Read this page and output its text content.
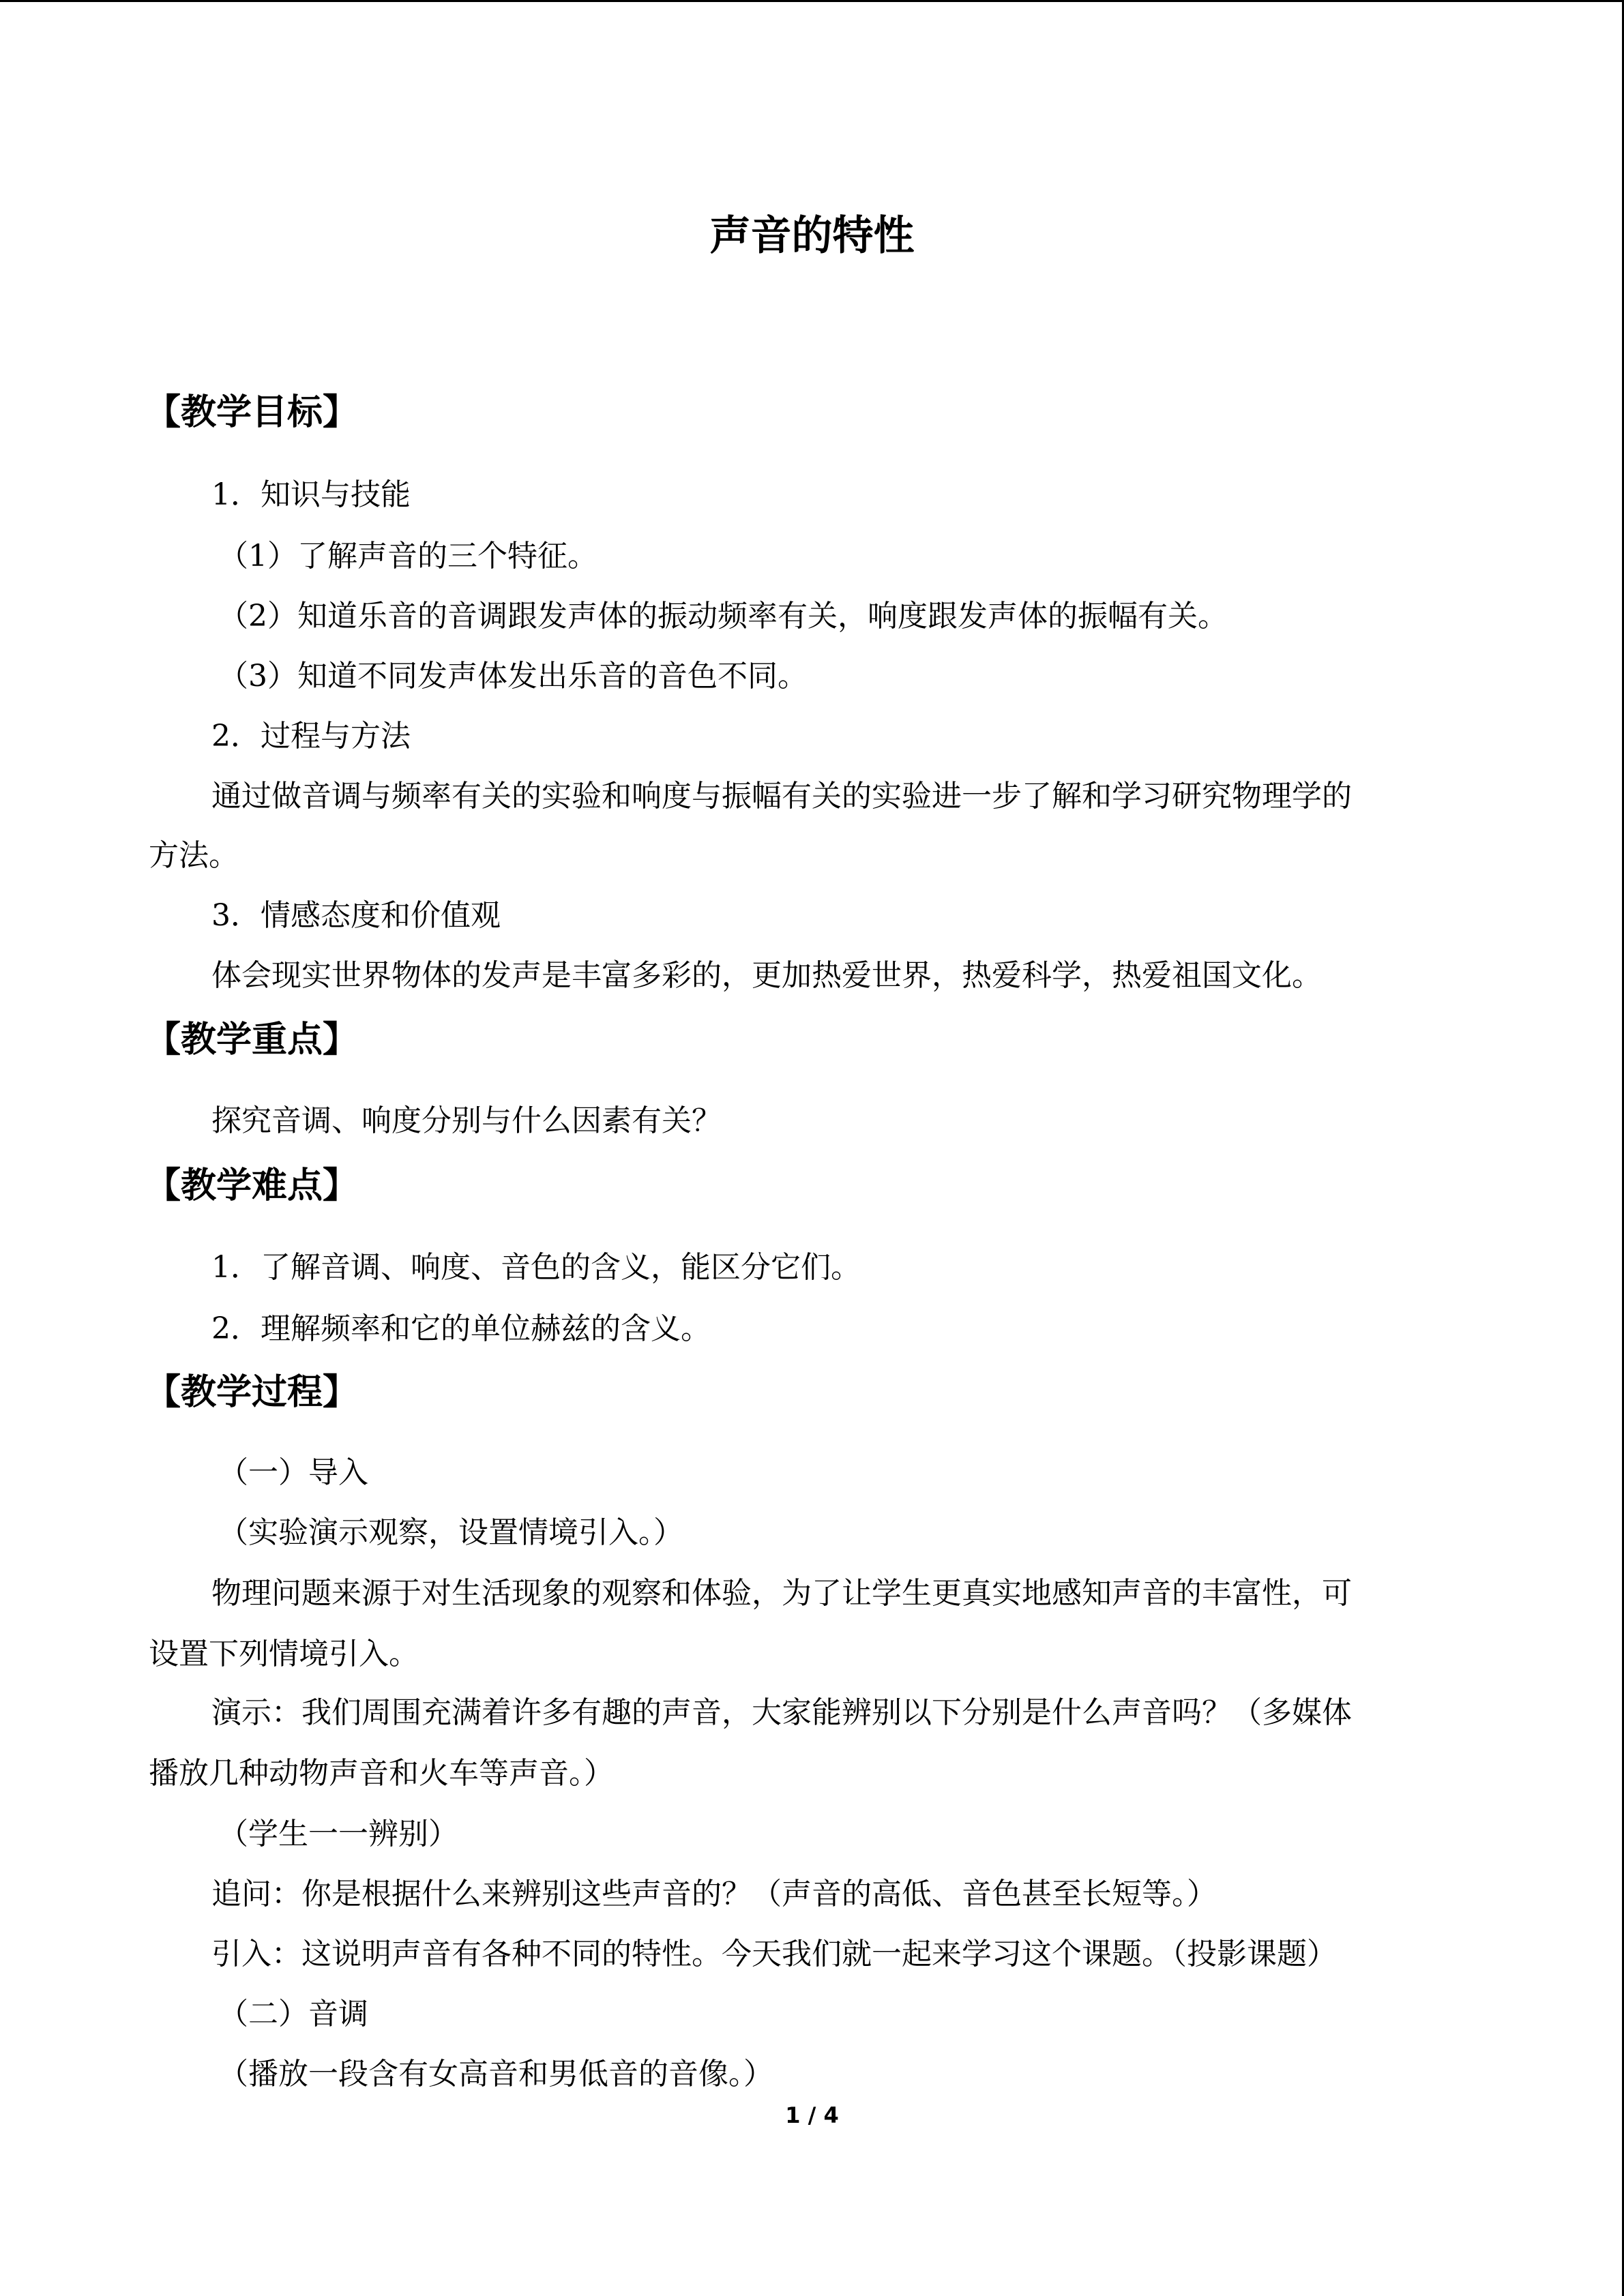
声音的特性
【教学目标】
1．知识与技能
（1）了解声音的三个特征。
（2）知道乐音的音调跟发声体的振动频率有关，响度跟发声体的振幅有关。
（3）知道不同发声体发出乐音的音色不同。
2．过程与方法
通过做音调与频率有关的实验和响度与振幅有关的实验进一步了解和学习研究物理学的
方法。
3．情感态度和价值观
体会现实世界物体的发声是丰富多彩的，更加热爱世界，热爱科学，热爱祖国文化。
【教学重点】
探究音调、响度分别与什么因素有关？
【教学难点】
1．了解音调、响度、音色的含义，能区分它们。
2．理解频率和它的单位赫兹的含义。
【教学过程】
（一）导入
（实验演示观察，设置情境引入。）
物理问题来源于对生活现象的观察和体验，为了让学生更真实地感知声音的丰富性，可
设置下列情境引入。
演示：我们周围充满着许多有趣的声音，大家能辨别以下分别是什么声音吗？（多媒体
播放几种动物声音和火车等声音。）
（学生一一辨别）
追问：你是根据什么来辨别这些声音的？（声音的高低、音色甚至长短等。）
引入：这说明声音有各种不同的特性。今天我们就一起来学习这个课题。（投影课题）
（二）音调
（播放一段含有女高音和男低音的音像。）
1 / 4
